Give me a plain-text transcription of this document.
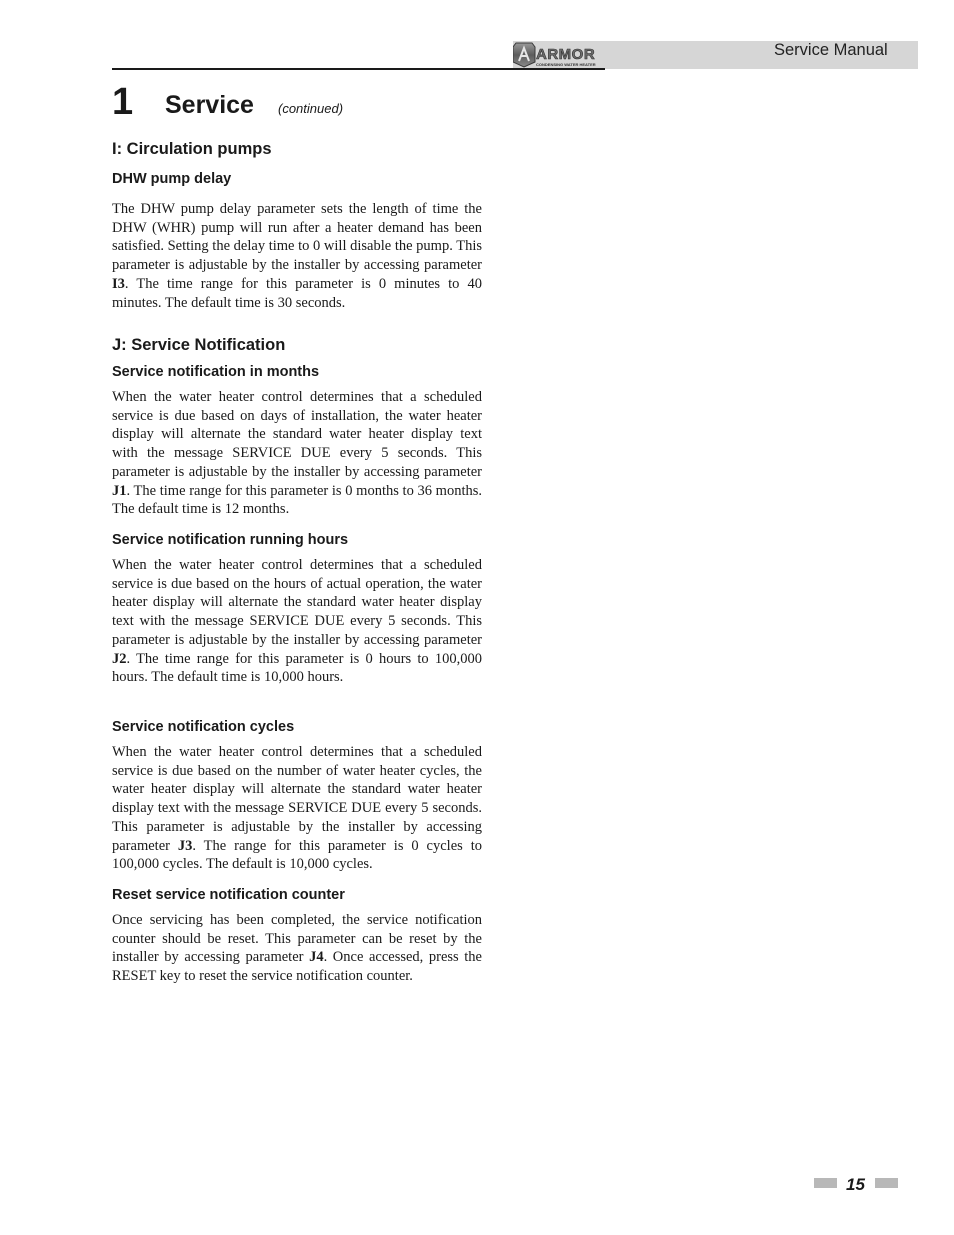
ARMOR
CONDENSING WATER HEATER
Service Manual
1 Service (continued)
I: Circulation pumps
DHW pump delay

The DHW pump delay parameter sets the length of time the DHW (WHR) pump will run after a heater demand has been satisfied. Setting the delay time to 0 will disable the pump. This parameter is adjustable by the installer by accessing parameter I3. The time range for this parameter is 0 minutes to 40 minutes. The default time is 30 seconds.

J: Service Notification
Service notification in months

When the water heater control determines that a scheduled service is due based on days of installation, the water heater display will alternate the standard water heater display text with the message SERVICE DUE every 5 seconds. This parameter is adjustable by the installer by accessing parameter J1. The time range for this parameter is 0 months to 36 months. The default time is 12 months.

Service notification running hours

When the water heater control determines that a scheduled service is due based on the hours of actual operation, the water heater display will alternate the standard water heater display text with the message SERVICE DUE every 5 seconds. This parameter is adjustable by the installer by accessing parameter J2. The time range for this parameter is 0 hours to 100,000 hours. The default time is 10,000 hours.

Service notification cycles

When the water heater control determines that a scheduled service is due based on the number of water heater cycles, the water heater display will alternate the standard water heater display text with the message SERVICE DUE every 5 seconds. This parameter is adjustable by the installer by accessing parameter J3. The range for this parameter is 0 cycles to 100,000 cycles. The default is 10,000 cycles.

Reset service notification counter

Once servicing has been completed, the service notification counter should be reset. This parameter can be reset by the installer by accessing parameter J4. Once accessed, press the RESET key to reset the service notification counter.

15
